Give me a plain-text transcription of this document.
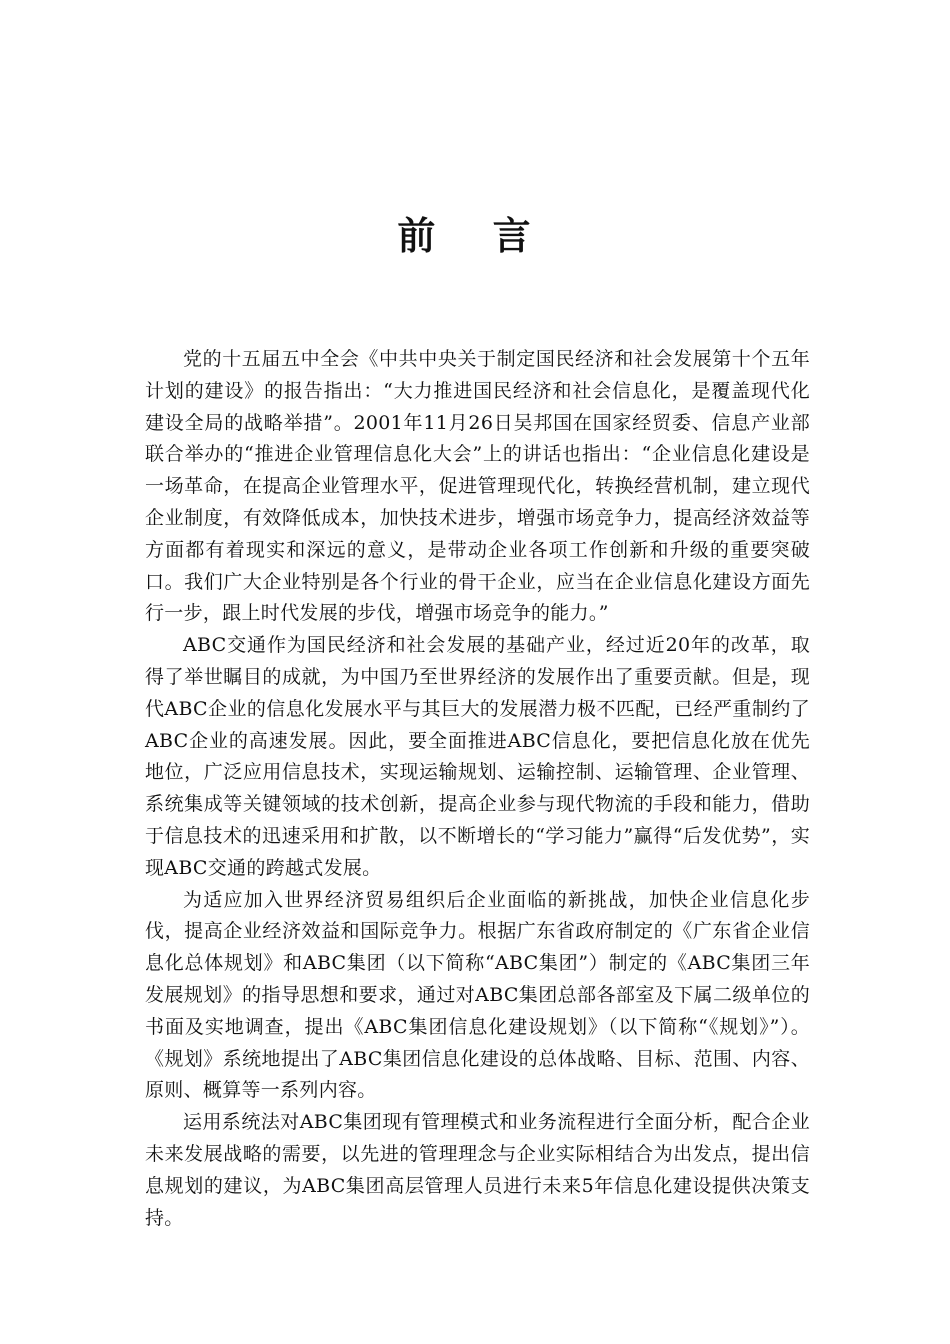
前 言

党的十五届五中全会《中共中央关于制定国民经济和社会发展第十个五年计划的建设》的报告指出：“大力推进国民经济和社会信息化，是覆盖现代化建设全局的战略举措”。2001年11月26日吴邦国在国家经贸委、信息产业部联合举办的“推进企业管理信息化大会”上的讲话也指出：“企业信息化建设是一场革命，在提高企业管理水平，促进管理现代化，转换经营机制，建立现代企业制度，有效降低成本，加快技术进步，增强市场竞争力，提高经济效益等方面都有着现实和深远的意义，是带动企业各项工作创新和升级的重要突破口。我们广大企业特别是各个行业的骨干企业，应当在企业信息化建设方面先行一步，跟上时代发展的步伐，增强市场竞争的能力。”

ABC交通作为国民经济和社会发展的基础产业，经过近20年的改革，取得了举世瞩目的成就，为中国乃至世界经济的发展作出了重要贡献。但是，现代ABC企业的信息化发展水平与其巨大的发展潜力极不匹配，已经严重制约了ABC企业的高速发展。因此，要全面推进ABC信息化，要把信息化放在优先地位，广泛应用信息技术，实现运输规划、运输控制、运输管理、企业管理、系统集成等关键领域的技术创新，提高企业参与现代物流的手段和能力，借助于信息技术的迅速采用和扩散，以不断增长的“学习能力”赢得“后发优势”，实现ABC交通的跨越式发展。

为适应加入世界经济贸易组织后企业面临的新挑战，加快企业信息化步伐，提高企业经济效益和国际竞争力。根据广东省政府制定的《广东省企业信息化总体规划》和ABC集团（以下简称“ABC集团”）制定的《ABC集团三年发展规划》的指导思想和要求，通过对ABC集团总部各部室及下属二级单位的书面及实地调查，提出《ABC集团信息化建设规划》（以下简称“《规划》”）。《规划》系统地提出了ABC集团信息化建设的总体战略、目标、范围、内容、原则、概算等一系列内容。

运用系统法对ABC集团现有管理模式和业务流程进行全面分析，配合企业未来发展战略的需要，以先进的管理理念与企业实际相结合为出发点，提出信息规划的建议，为ABC集团高层管理人员进行未来5年信息化建设提供决策支持。
